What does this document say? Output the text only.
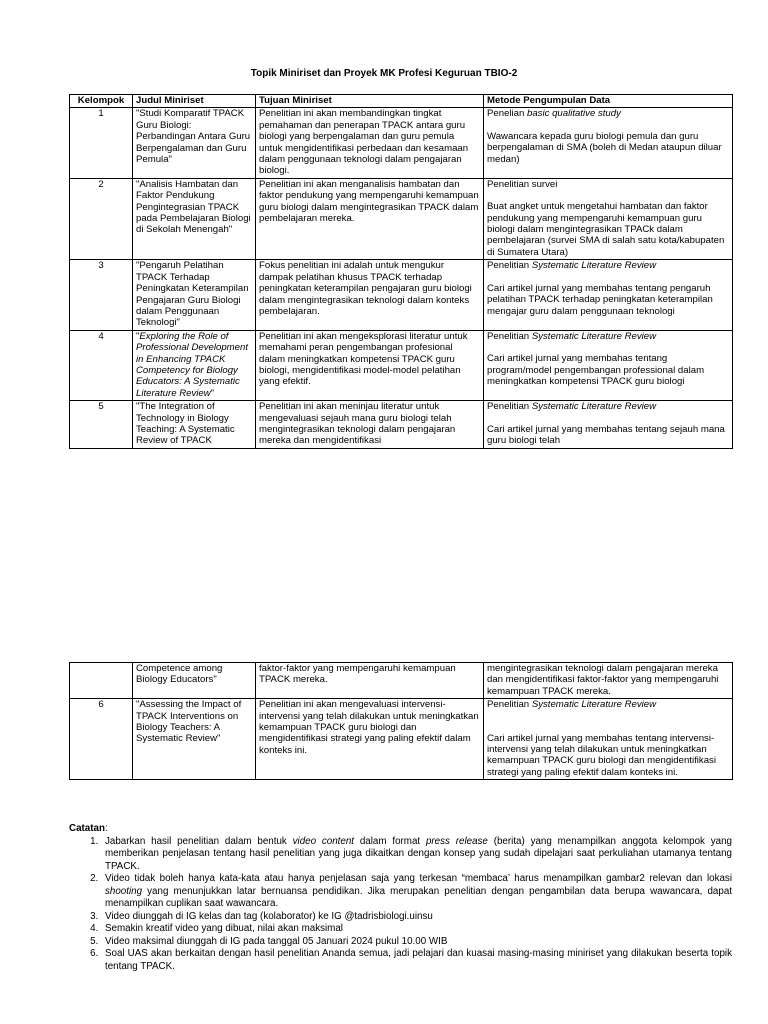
Topik Miniriset dan Proyek MK Profesi Keguruan TBIO-2
Kelompok	Judul Miniriset	Tujuan Miniriset	Metode Pengumpulan Data
1	"Studi Komparatif TPACK Guru Biologi: Perbandingan Antara Guru Berpengalaman dan Guru Pemula"	Penelitian ini akan membandingkan tingkat pemahaman dan penerapan TPACK antara guru biologi yang berpengalaman dan guru pemula untuk mengidentifikasi perbedaan dan kesamaan dalam penggunaan teknologi dalam pengajaran biologi.	Penelian basic qualitative study
Wawancara kepada guru biologi pemula dan guru berpengalaman di SMA (boleh di Medan ataupun diluar medan)
2	"Analisis Hambatan dan Faktor Pendukung Pengintegrasian TPACK pada Pembelajaran Biologi di Sekolah Menengah"	Penelitian ini akan menganalisis hambatan dan faktor pendukung yang mempengaruhi kemampuan guru biologi dalam mengintegrasikan TPACK dalam pembelajaran mereka.	Penelitian survei
Buat angket untuk mengetahui hambatan dan faktor pendukung yang mempengaruhi kemampuan guru biologi dalam mengintegrasikan TPACk dalam pembelajaran (survei SMA di salah satu kota/kabupaten di Sumatera Utara)
3	"Pengaruh Pelatihan TPACK Terhadap Peningkatan Keterampilan Pengajaran Guru Biologi dalam Penggunaan Teknologi"	Fokus penelitian ini adalah untuk mengukur dampak pelatihan khusus TPACK terhadap peningkatan keterampilan pengajaran guru biologi dalam mengintegrasikan teknologi dalam konteks pembelajaran.	Penelitian Systematic Literature Review
Cari artikel jurnal yang membahas tentang pengaruh pelatihan TPACK terhadap peningkatan keterampilan mengajar guru dalam penggunaan teknologi
4	"Exploring the Role of Professional Development in Enhancing TPACK Competency for Biology Educators: A Systematic Literature Review"	Penelitian ini akan mengeksplorasi literatur untuk memahami peran pengembangan profesional dalam meningkatkan kompetensi TPACK guru biologi, mengidentifikasi model-model pelatihan yang efektif.	Penelitian Systematic Literature Review
Cari artikel jurnal yang membahas tentang program/model pengembangan professional dalam meningkatkan kompetensi TPACK guru biologi
5	"The Integration of Technology in Biology Teaching: A Systematic Review of TPACK	Penelitian ini akan meninjau literatur untuk mengevaluasi sejauh mana guru biologi telah mengintegrasikan teknologi dalam pengajaran mereka dan mengidentifikasi	Penelitian Systematic Literature Review
Cari artikel jurnal yang membahas tentang sejauh mana guru biologi telah
	Competence among Biology Educators"	faktor-faktor yang mempengaruhi kemampuan TPACK mereka.	mengintegrasikan teknologi dalam pengajaran mereka dan mengidentifikasi faktor-faktor yang mempengaruhi kemampuan TPACK mereka.
6	"Assessing the Impact of TPACK Interventions on Biology Teachers: A Systematic Review"	Penelitian ini akan mengevaluasi intervensi-intervensi yang telah dilakukan untuk meningkatkan kemampuan TPACK guru biologi dan mengidentifikasi strategi yang paling efektif dalam konteks ini.	Penelitian Systematic Literature Review
Cari artikel jurnal yang membahas tentang intervensi-intervensi yang telah dilakukan untuk meningkatkan kemampuan TPACK guru biologi dan mengidentifikasi strategi yang paling efektif dalam konteks ini.
Catatan:
1. Jabarkan hasil penelitian dalam bentuk video content dalam format press release (berita) yang menampilkan anggota kelompok yang memberikan penjelasan tentang hasil penelitian yang juga dikaitkan dengan konsep yang sudah dipelajari saat perkuliahan utamanya tentang TPACK.
2. Video tidak boleh hanya kata-kata atau hanya penjelasan saja yang terkesan “membaca’ harus menampilkan gambar2 relevan dan lokasi shooting yang menunjukkan latar bernuansa pendidikan. Jika merupakan penelitian dengan pengambilan data berupa wawancara, dapat menampilkan cuplikan saat wawancara.
3. Video diunggah di IG kelas dan tag (kolaborator) ke IG @tadrisbiologi.uinsu
4. Semakin kreatif video yang dibuat, nilai akan maksimal
5. Video maksimal diunggah di IG pada tanggal 05 Januari 2024 pukul 10.00 WIB
6. Soal UAS akan berkaitan dengan hasil penelitian Ananda semua, jadi pelajari dan kuasai masing-masing miniriset yang dilakukan beserta topik tentang TPACK.
